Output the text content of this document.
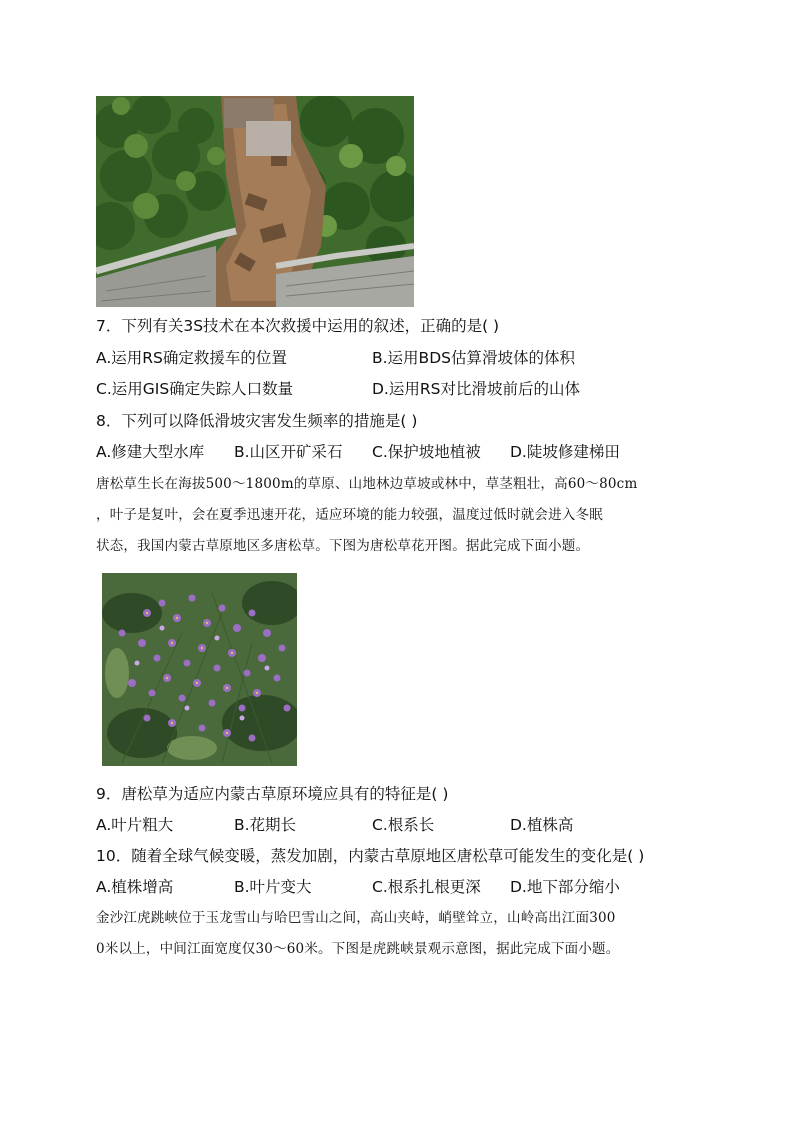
7．下列有关3S技术在本次救援中运用的叙述，正确的是( )
A.运用RS确定救援车的位置	B.运用BDS估算滑坡体的体积
C.运用GIS确定失踪人口数量	D.运用RS对比滑坡前后的山体
8．下列可以降低滑坡灾害发生频率的措施是( )
A.修建大型水库 B.山区开矿采石 C.保护坡地植被 D.陡坡修建梯田
唐松草生长在海拔500～1800m的草原、山地林边草坡或林中，草茎粗壮，高60～80cm
，叶子是复叶，会在夏季迅速开花，适应环境的能力较强，温度过低时就会进入冬眠
状态，我国内蒙古草原地区多唐松草。下图为唐松草花开图。据此完成下面小题。
9．唐松草为适应内蒙古草原环境应具有的特征是( )
A.叶片粗大	B.花期长	C.根系长	D.植株高
10．随着全球气候变暖，蒸发加剧，内蒙古草原地区唐松草可能发生的变化是( )
A.植株增高	B.叶片变大	C.根系扎根更深 D.地下部分缩小
金沙江虎跳峡位于玉龙雪山与哈巴雪山之间，高山夹峙，峭壁耸立，山岭高出江面300
0米以上，中间江面宽度仅30～60米。下图是虎跳峡景观示意图，据此完成下面小题。
